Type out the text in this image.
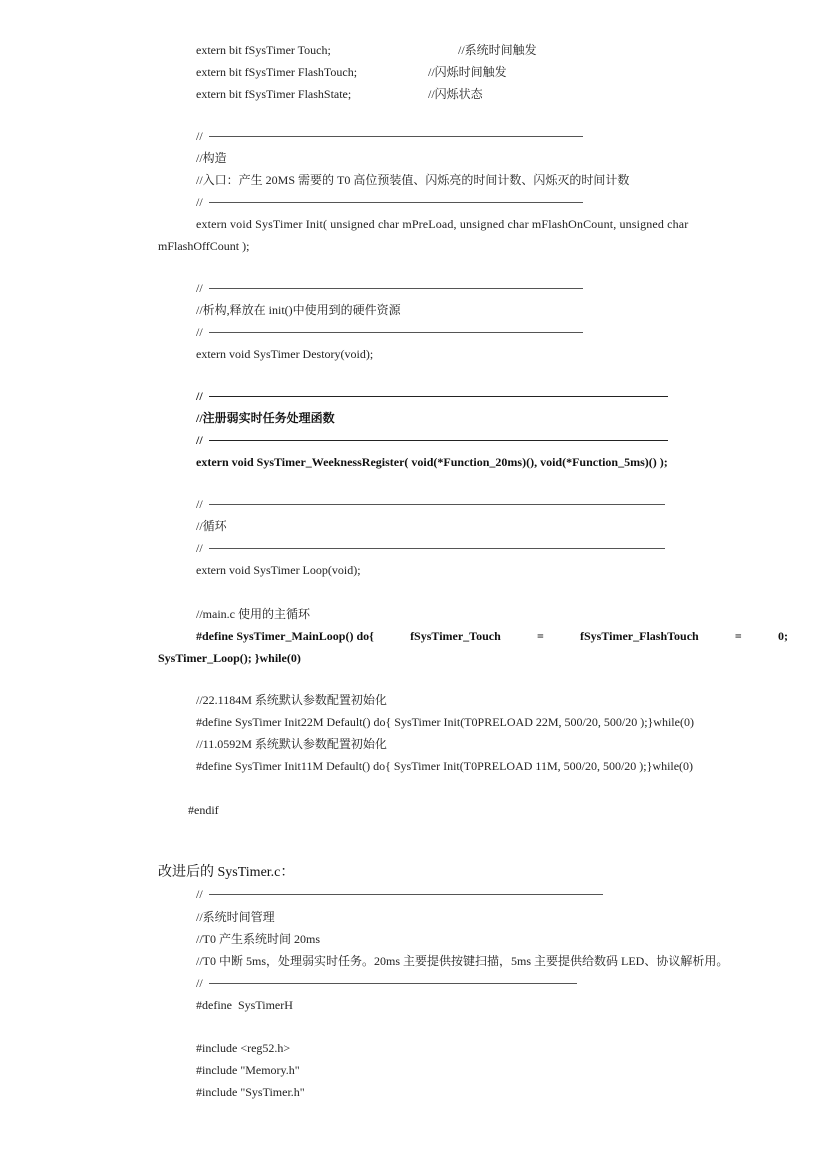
extern bit fSysTimer Touch;	//系统时间触发
extern bit fSysTimer FlashTouch;	//闪烁时间触发
extern bit fSysTimer FlashState;	//闪烁状态
//
//构造
//入口：产生 20MS 需要的 T0 高位预装值、闪烁亮的时间计数、闪烁灭的时间计数
//
extern void SysTimer Init( unsigned char mPreLoad, unsigned char mFlashOnCount, unsigned char
mFlashOffCount );
//
//析构,释放在 init()中使用到的硬件资源
//
extern void SysTimer Destory(void);
//
//注册弱实时任务处理函数
//
extern void SysTimer_WeeknessRegister( void(*Function_20ms)(), void(*Function_5ms)() );
//
//循环
//
extern void SysTimer Loop(void);
//main.c 使用的主循环
#define SysTimer_MainLoop() do{	fSysTimer_Touch	=	fSysTimer_FlashTouch	=	0;
SysTimer_Loop(); }while(0)
//22.1184M 系统默认参数配置初始化
#define SysTimer Init22M Default() do{ SysTimer Init(T0PRELOAD 22M, 500/20, 500/20 );}while(0)
//11.0592M 系统默认参数配置初始化
#define SysTimer Init11M Default() do{ SysTimer Init(T0PRELOAD 11M, 500/20, 500/20 );}while(0)
#endif
改进后的 SysTimer.c：
//
//系统时间管理
//T0 产生系统时间 20ms
//T0 中断 5ms，处理弱实时任务。20ms 主要提供按键扫描，5ms 主要提供给数码 LED、协议解析用。
//
#define  SysTimerH
#include <reg52.h>
#include "Memory.h"
#include "SysTimer.h"
